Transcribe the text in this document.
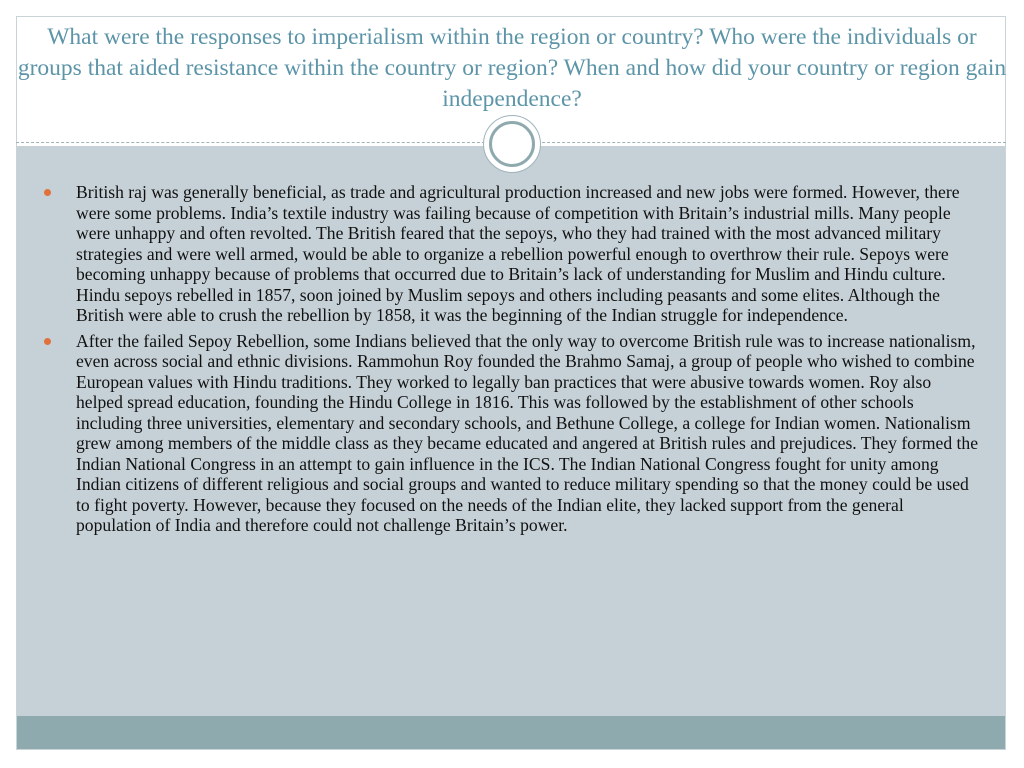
What were the responses to imperialism within the region or country? Who were the individuals or groups that aided resistance within the country or region? When and how did your country or region gain independence?
British raj was generally beneficial, as trade and agricultural production increased and new jobs were formed. However, there were some problems. India’s textile industry was failing because of competition with Britain’s industrial mills. Many people were unhappy and often revolted. The British feared that the sepoys, who they had trained with the most advanced military strategies and were well armed, would be able to organize a rebellion powerful enough to overthrow their rule. Sepoys were becoming unhappy because of problems that occurred due to Britain’s lack of understanding for Muslim and Hindu culture. Hindu sepoys rebelled in 1857, soon joined by Muslim sepoys and others including peasants and some elites. Although the British were able to crush the rebellion by 1858, it was the beginning of the Indian struggle for independence.
After the failed Sepoy Rebellion, some Indians believed that the only way to overcome British rule was to increase nationalism, even across social and ethnic divisions. Rammohun Roy founded the Brahmo Samaj, a group of people who wished to combine European values with Hindu traditions. They worked to legally ban practices that were abusive towards women. Roy also helped spread education, founding the Hindu College in 1816. This was followed by the establishment of other schools including three universities, elementary and secondary schools, and Bethune College, a college for Indian women. Nationalism grew among members of the middle class as they became educated and angered at British rules and prejudices. They formed the Indian National Congress in an attempt to gain influence in the ICS. The Indian National Congress fought for unity among Indian citizens of different religious and social groups and wanted to reduce military spending so that the money could be used to fight poverty. However, because they focused on the needs of the Indian elite, they lacked support from the general population of India and therefore could not challenge Britain’s power.
